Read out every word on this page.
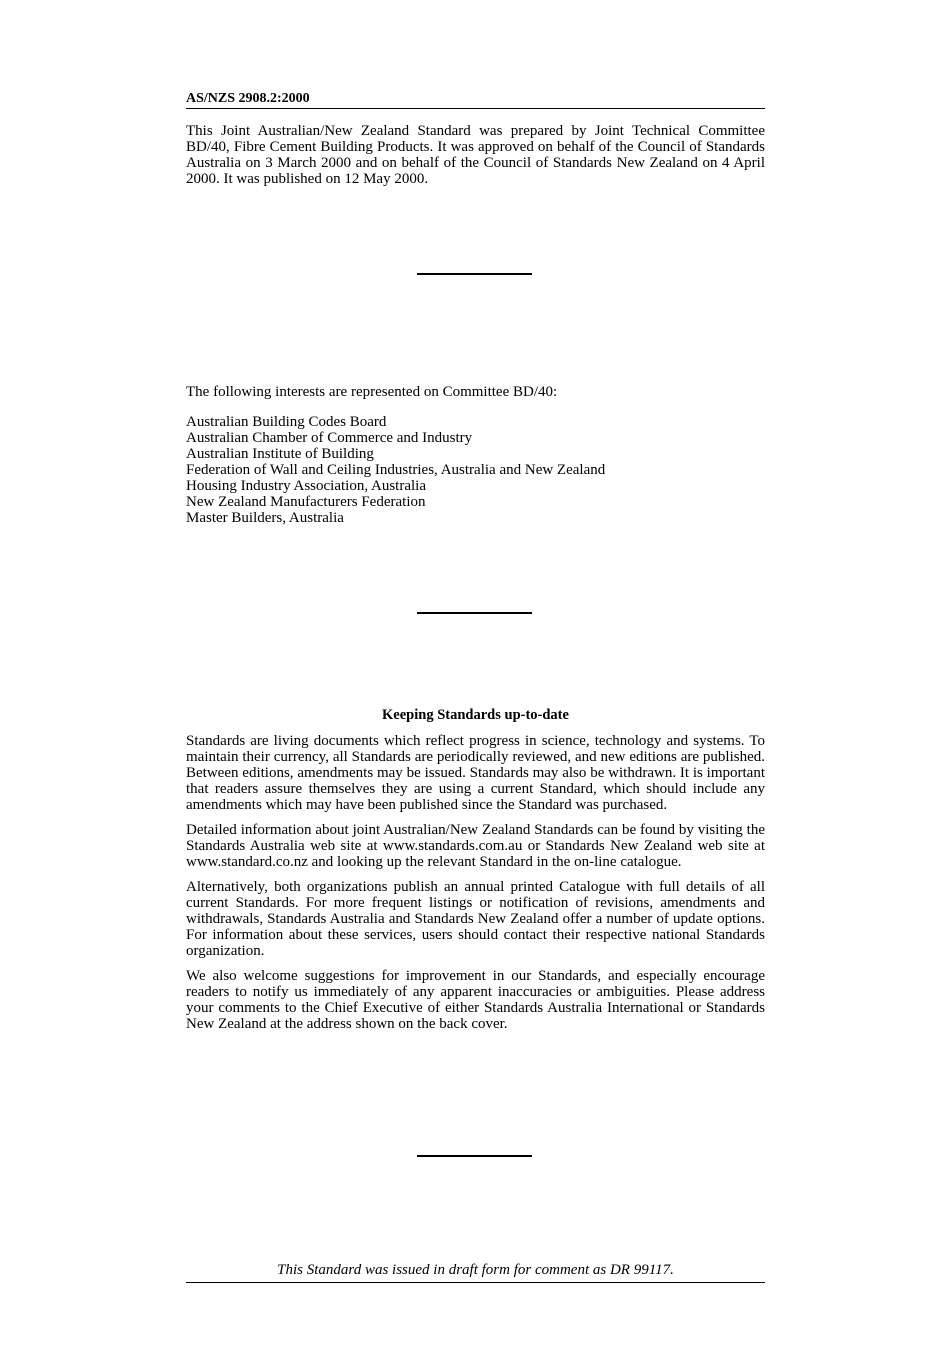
AS/NZS 2908.2:2000

This Joint Australian/New Zealand Standard was prepared by Joint Technical Committee BD/40, Fibre Cement Building Products. It was approved on behalf of the Council of Standards Australia on 3 March 2000 and on behalf of the Council of Standards New Zealand on 4 April 2000. It was published on 12 May 2000.

The following interests are represented on Committee BD/40:
Australian Building Codes Board
Australian Chamber of Commerce and Industry
Australian Institute of Building
Federation of Wall and Ceiling Industries, Australia and New Zealand
Housing Industry Association, Australia
New Zealand Manufacturers Federation
Master Builders, Australia
Keeping Standards up-to-date

Standards are living documents which reflect progress in science, technology and systems. To maintain their currency, all Standards are periodically reviewed, and new editions are published. Between editions, amendments may be issued. Standards may also be withdrawn. It is important that readers assure themselves they are using a current Standard, which should include any amendments which may have been published since the Standard was purchased.

Detailed information about joint Australian/New Zealand Standards can be found by visiting the Standards Australia web site at www.standards.com.au or Standards New Zealand web site at www.standard.co.nz and looking up the relevant Standard in the on-line catalogue.

Alternatively, both organizations publish an annual printed Catalogue with full details of all current Standards. For more frequent listings or notification of revisions, amendments and withdrawals, Standards Australia and Standards New Zealand offer a number of update options. For information about these services, users should contact their respective national Standards organization.

We also welcome suggestions for improvement in our Standards, and especially encourage readers to notify us immediately of any apparent inaccuracies or ambiguities. Please address your comments to the Chief Executive of either Standards Australia International or Standards New Zealand at the address shown on the back cover.

This Standard was issued in draft form for comment as DR 99117.
